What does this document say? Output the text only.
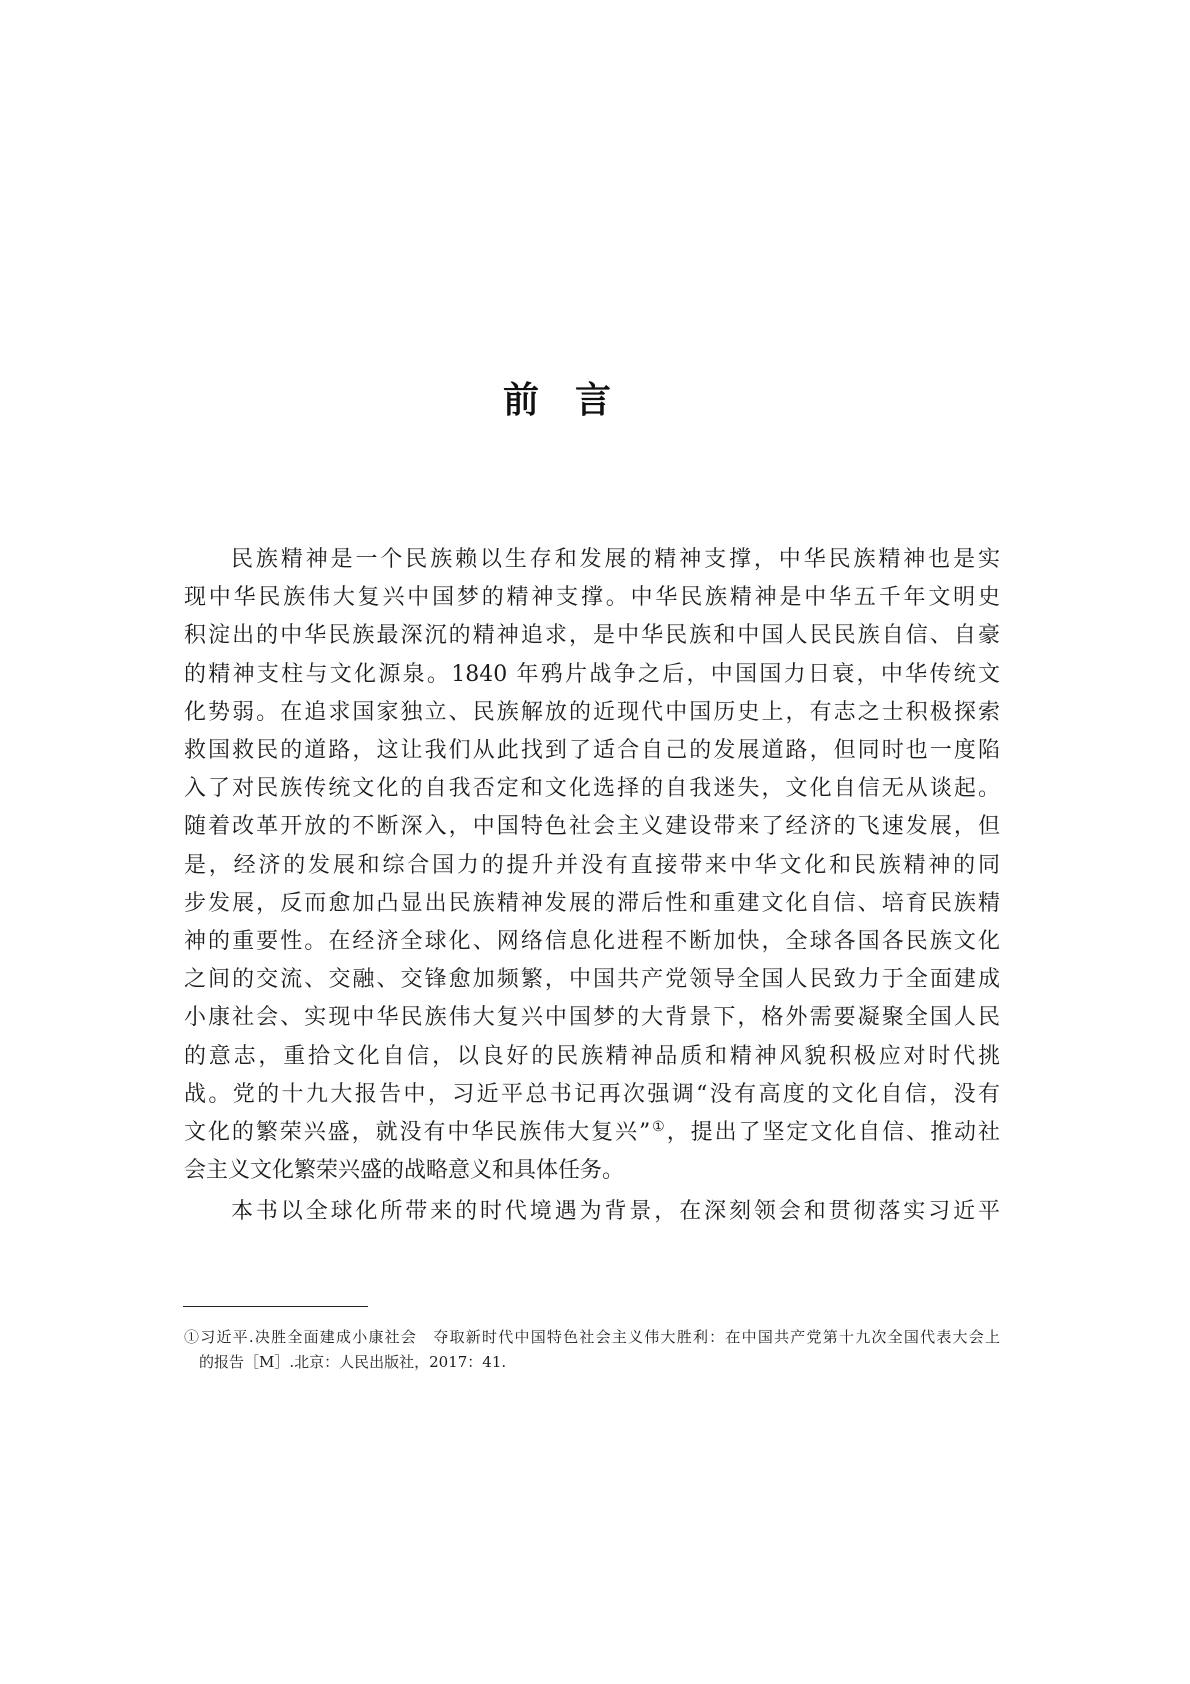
前　言
民族精神是一个民族赖以生存和发展的精神支撑，中华民族精神也是实
现中华民族伟大复兴中国梦的精神支撑。中华民族精神是中华五千年文明史
积淀出的中华民族最深沉的精神追求，是中华民族和中国人民民族自信、自豪
的精神支柱与文化源泉。1840 年鸦片战争之后，中国国力日衰，中华传统文
化势弱。在追求国家独立、民族解放的近现代中国历史上，有志之士积极探索
救国救民的道路，这让我们从此找到了适合自己的发展道路，但同时也一度陷
入了对民族传统文化的自我否定和文化选择的自我迷失，文化自信无从谈起。
随着改革开放的不断深入，中国特色社会主义建设带来了经济的飞速发展，但
是，经济的发展和综合国力的提升并没有直接带来中华文化和民族精神的同
步发展，反而愈加凸显出民族精神发展的滞后性和重建文化自信、培育民族精
神的重要性。在经济全球化、网络信息化进程不断加快，全球各国各民族文化
之间的交流、交融、交锋愈加频繁，中国共产党领导全国人民致力于全面建成
小康社会、实现中华民族伟大复兴中国梦的大背景下，格外需要凝聚全国人民
的意志，重拾文化自信，以良好的民族精神品质和精神风貌积极应对时代挑
战。党的十九大报告中，习近平总书记再次强调“没有高度的文化自信，没有
文化的繁荣兴盛，就没有中华民族伟大复兴”①，提出了坚定文化自信、推动社
会主义文化繁荣兴盛的战略意义和具体任务。
本书以全球化所带来的时代境遇为背景，在深刻领会和贯彻落实习近平
①习近平.决胜全面建成小康社会　夺取新时代中国特色社会主义伟大胜利：在中国共产党第十九次全国代表大会上
的报告［M］.北京：人民出版社，2017：41.
